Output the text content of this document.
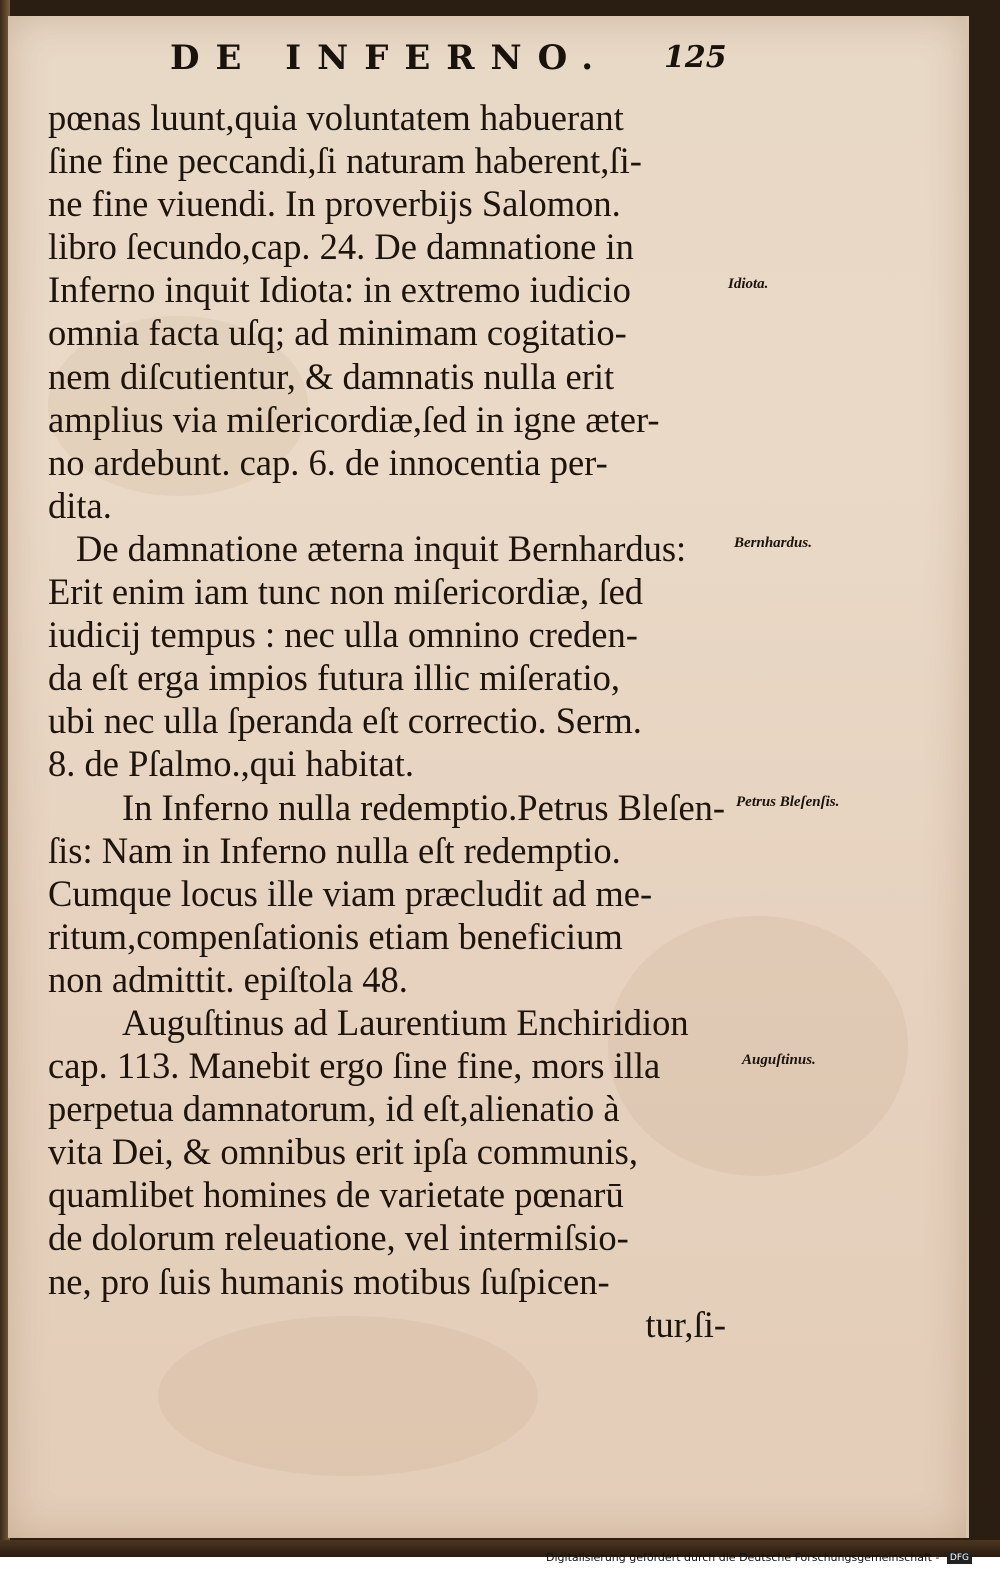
DE INFERNO.	125
pœnas luunt,quia voluntatem habuerant
ſine fine peccandi,ſi naturam haberent,ſi-
ne fine viuendi. In proverbijs Salomon.
libro ſecundo,cap. 24. De damnatione in
Inferno inquit Idiota: in extremo iudicio
omnia facta uſq; ad minimam cogitatio-
nem diſcutientur, & damnatis nulla erit
amplius via miſericordiæ,ſed in igne æter-
no ardebunt. cap. 6. de innocentia per-
dita.
De damnatione æterna inquit Bernhardus:
Erit enim iam tunc non miſericordiæ, ſed
iudicij tempus : nec ulla omnino creden-
da eſt erga impios futura illic miſeratio,
ubi nec ulla ſperanda eſt correctio. Serm.
8. de Pſalmo.,qui habitat.
In Inferno nulla redemptio.Petrus Bleſen-
ſis: Nam in Inferno nulla eſt redemptio.
Cumque locus ille viam præcludit ad me-
ritum,compenſationis etiam beneficium
non admittit. epiſtola 48.
Auguſtinus ad Laurentium Enchiridion
cap. 113. Manebit ergo ſine fine, mors illa
perpetua damnatorum, id eſt,alienatio à
vita Dei, & omnibus erit ipſa communis,
quamlibet homines de varietate pœnarū
de dolorum releuatione, vel intermiſsio-
ne, pro ſuis humanis motibus ſuſpicen-
tur,ſi-
Idiota.
Bernhardus.
Petrus Bleſenſis.
Auguſtinus.
Digitalisierung gefördert durch die Deutsche Forschungsgemeinschaft - DFG
